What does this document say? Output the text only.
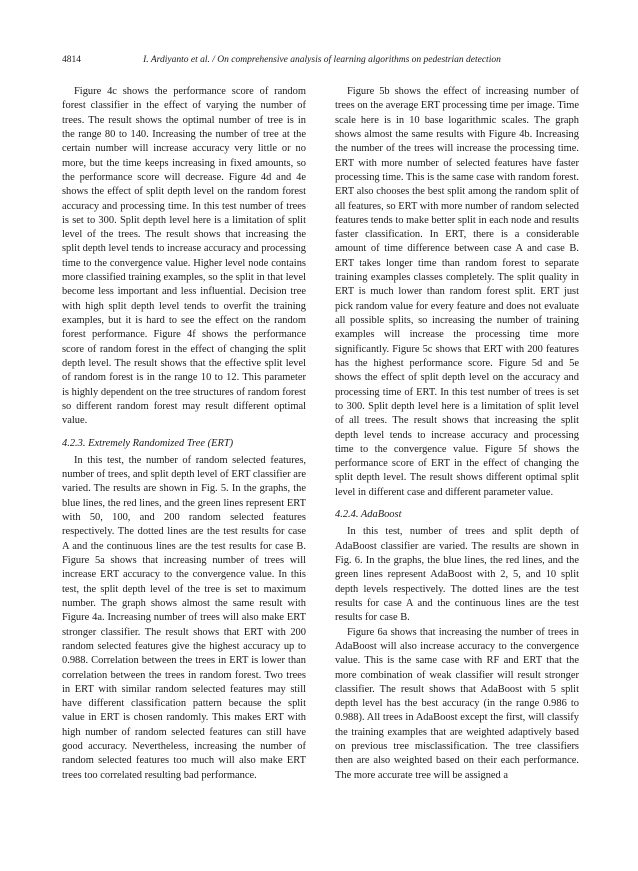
4814	I. Ardiyanto et al. / On comprehensive analysis of learning algorithms on pedestrian detection

Figure 4c shows the performance score of random forest classifier in the effect of varying the number of trees. The result shows the optimal number of tree is in the range 80 to 140. Increasing the number of tree at the certain number will increase accuracy very little or no more, but the time keeps increasing in fixed amounts, so the performance score will decrease. Figure 4d and 4e shows the effect of split depth level on the random forest accuracy and processing time. In this test number of trees is set to 300. Split depth level here is a limitation of split level of the trees. The result shows that increasing the split depth level tends to increase accuracy and processing time to the convergence value. Higher level node contains more classified training examples, so the split in that level become less important and less influential. Decision tree with high split depth level tends to overfit the training examples, but it is hard to see the effect on the random forest performance. Figure 4f shows the performance score of random forest in the effect of changing the split depth level. The result shows that the effective split level of random forest is in the range 10 to 12. This parameter is highly dependent on the tree structures of random forest so different random forest may result different optimal value.

4.2.3. Extremely Randomized Tree (ERT)

In this test, the number of random selected features, number of trees, and split depth level of ERT classifier are varied. The results are shown in Fig. 5. In the graphs, the blue lines, the red lines, and the green lines represent ERT with 50, 100, and 200 random selected features respectively. The dotted lines are the test results for case A and the continuous lines are the test results for case B. Figure 5a shows that increasing number of trees will increase ERT accuracy to the convergence value. In this test, the split depth level of the tree is set to maximum number. The graph shows almost the same result with Figure 4a. Increasing number of trees will also make ERT stronger classifier. The result shows that ERT with 200 random selected features give the highest accuracy up to 0.988. Correlation between the trees in ERT is lower than correlation between the trees in random forest. Two trees in ERT with similar random selected features may still have different classification pattern because the split value in ERT is chosen randomly. This makes ERT with high number of random selected features can still have good accuracy. Nevertheless, increasing the number of random selected features too much will also make ERT trees too correlated resulting bad performance.

Figure 5b shows the effect of increasing number of trees on the average ERT processing time per image. Time scale here is in 10 base logarithmic scales. The graph shows almost the same results with Figure 4b. Increasing the number of the trees will increase the processing time. ERT with more number of selected features have faster processing time. This is the same case with random forest. ERT also chooses the best split among the random split of all features, so ERT with more number of random selected features tends to make better split in each node and results faster classification. In ERT, there is a considerable amount of time difference between case A and case B. ERT takes longer time than random forest to separate training examples classes completely. The split quality in ERT is much lower than random forest split. ERT just pick random value for every feature and does not evaluate all possible splits, so increasing the number of training examples will increase the processing time more significantly. Figure 5c shows that ERT with 200 features has the highest performance score. Figure 5d and 5e shows the effect of split depth level on the accuracy and processing time of ERT. In this test number of trees is set to 300. Split depth level here is a limitation of split level of all trees. The result shows that increasing the split depth level tends to increase accuracy and processing time to the convergence value. Figure 5f shows the performance score of ERT in the effect of changing the split depth level. The result shows different optimal split level in different case and different parameter value.

4.2.4. AdaBoost

In this test, number of trees and split depth of AdaBoost classifier are varied. The results are shown in Fig. 6. In the graphs, the blue lines, the red lines, and the green lines represent AdaBoost with 2, 5, and 10 split depth levels respectively. The dotted lines are the test results for case A and the continuous lines are the test results for case B.

Figure 6a shows that increasing the number of trees in AdaBoost will also increase accuracy to the convergence value. This is the same case with RF and ERT that the more combination of weak classifier will result stronger classifier. The result shows that AdaBoost with 5 split depth level has the best accuracy (in the range 0.986 to 0.988). All trees in AdaBoost except the first, will classify the training examples that are weighted adaptively based on previous tree misclassification. The tree classifiers then are also weighted based on their each performance. The more accurate tree will be assigned a
